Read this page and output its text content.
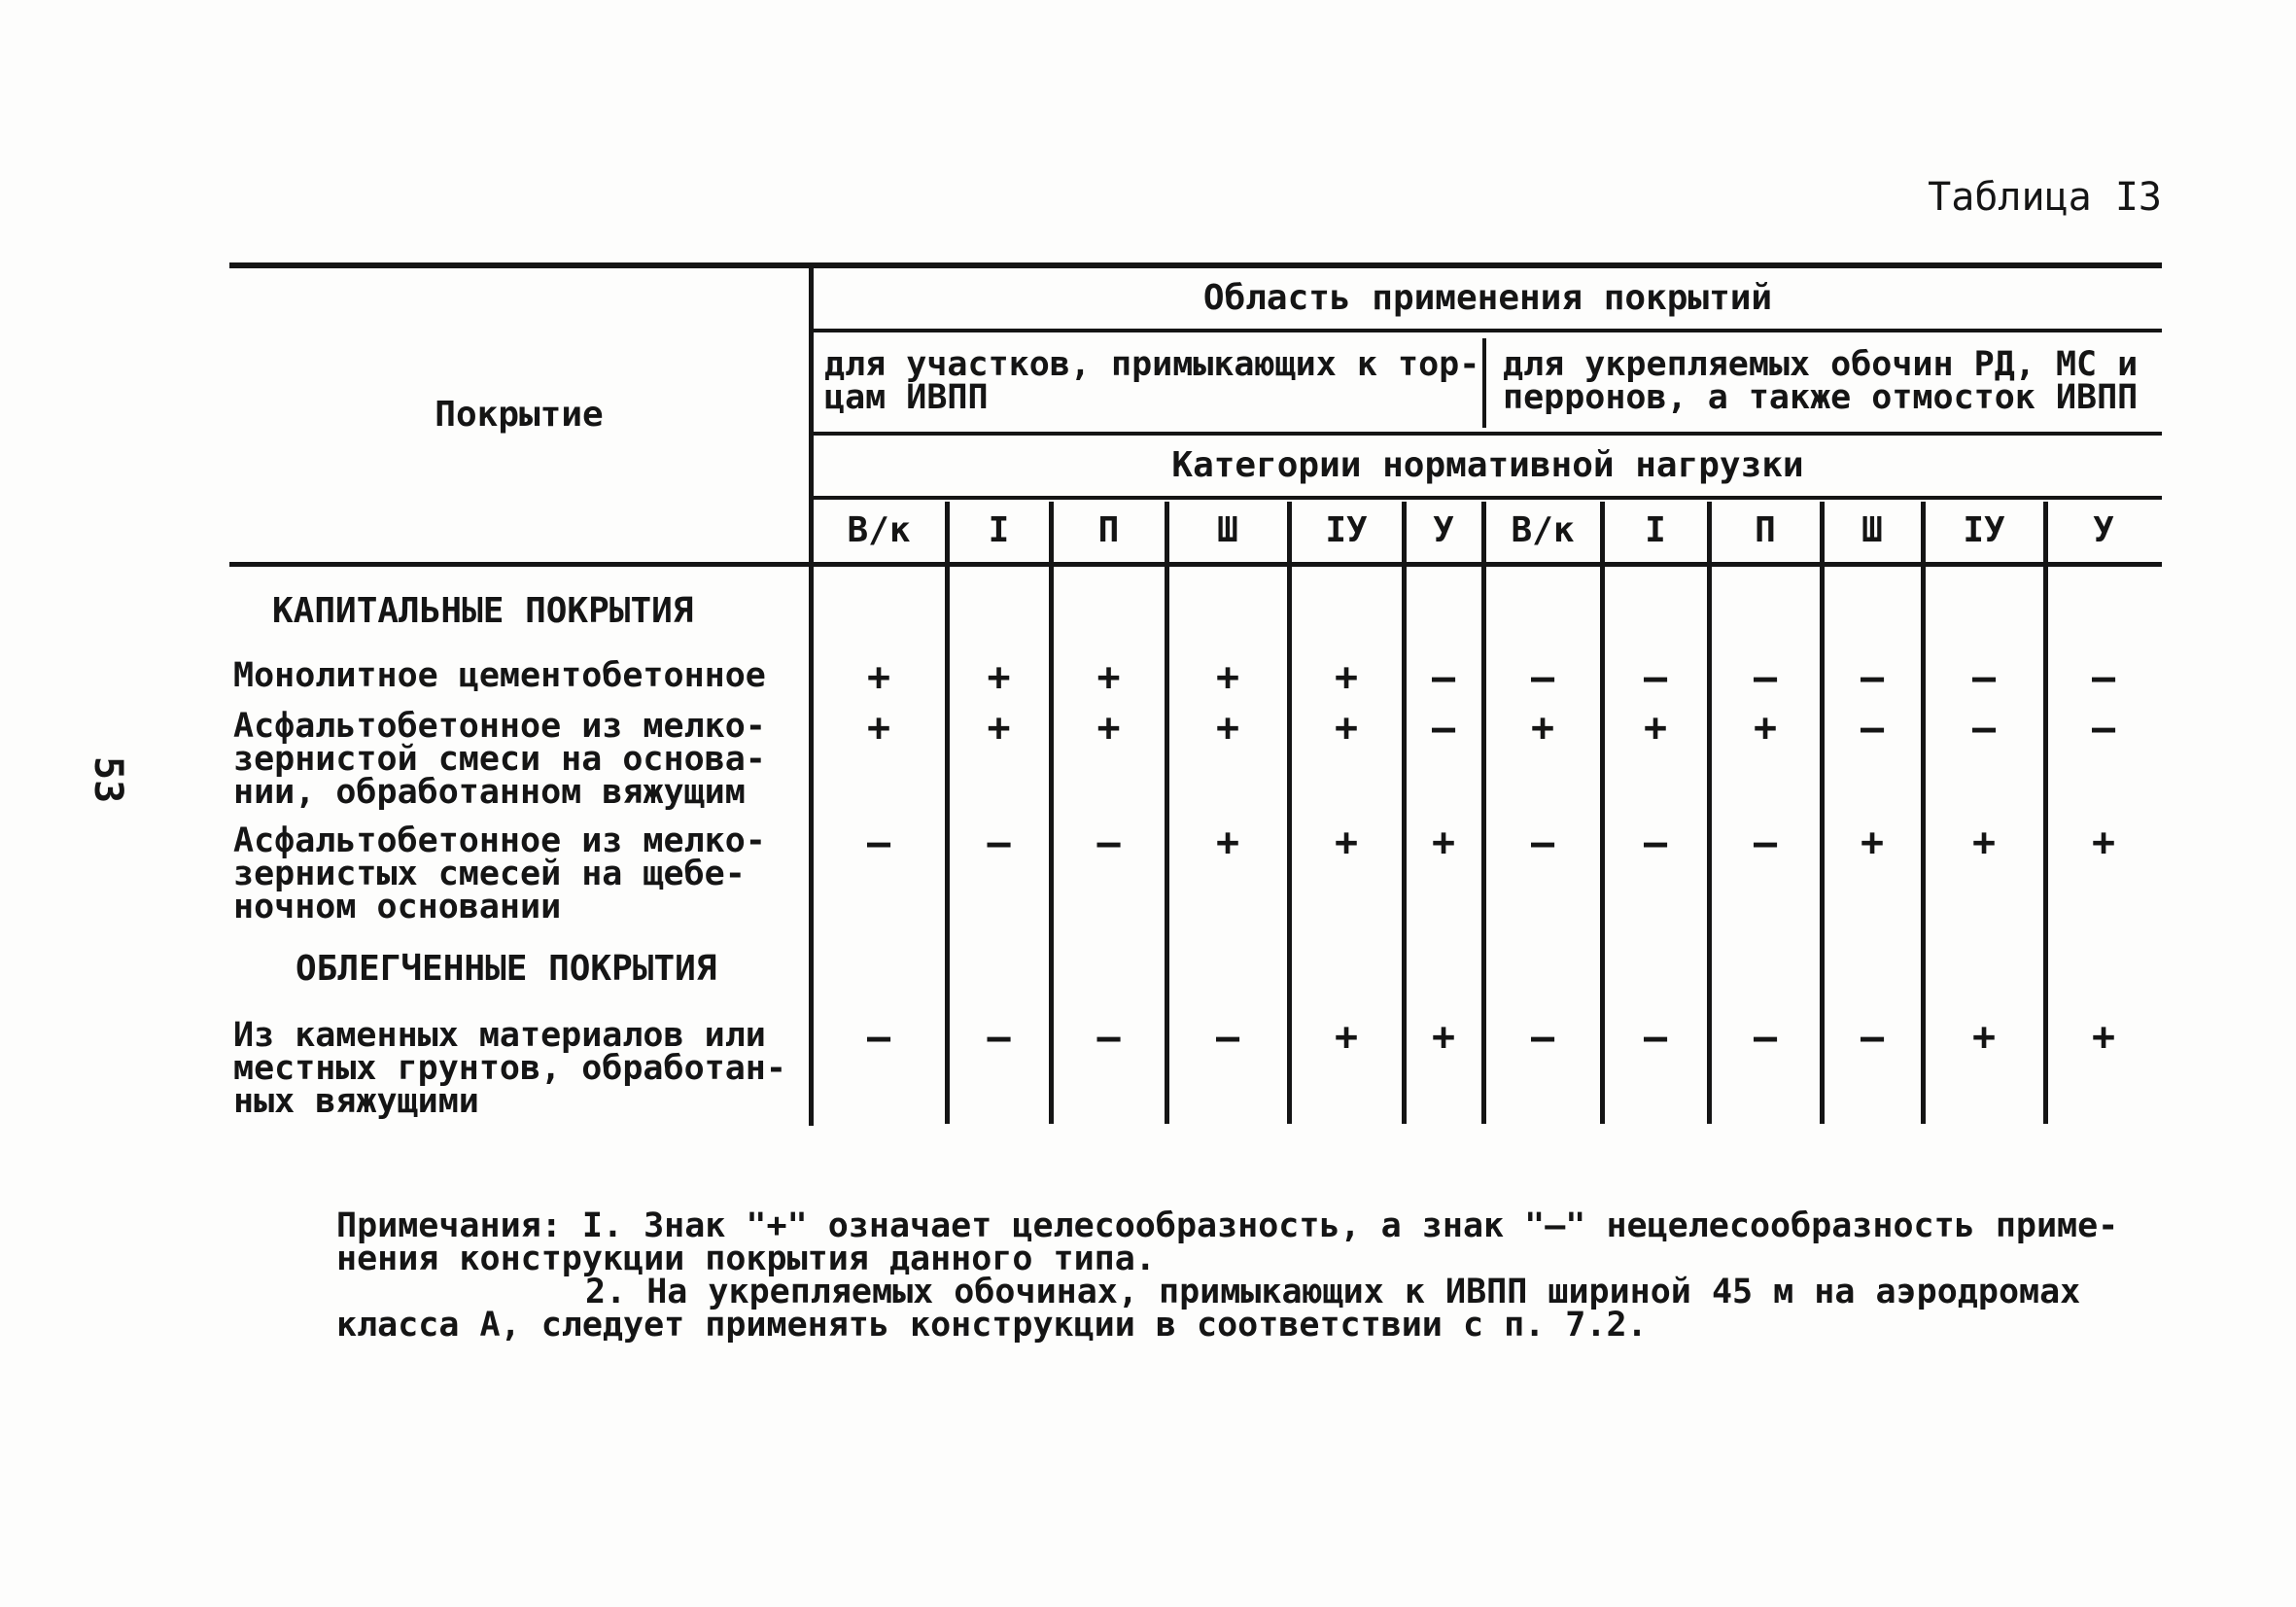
Таблица I3
53
Покрытие
Область применения покрытий
для участков, примыкающих к тор-
цам ИВПП
для укрепляемых обочин РД, МС и
перронов, а также отмосток ИВПП
Категории нормативной нагрузки
В/к	I	П	Ш	IУ	У	В/к	I	П	Ш	IУ	У
КАПИТАЛЬНЫЕ ПОКРЫТИЯ
Монолитное цементобетонное	+	+	+	+	+	–	–	–	–	–	–	–
Асфальтобетонное из мелко-
зернистой смеси на основа-
нии, обработанном вяжущим
+	+	+	+	+	–	+	+	+	–	–	–
Асфальтобетонное из мелко-
зернистых смесей на щебе-
ночном основании
–	–	–	+	+	+	–	–	–	+	+	+
ОБЛЕГЧЕННЫЕ ПОКРЫТИЯ
Из каменных материалов или
местных грунтов, обработан-
ных вяжущими
–	–	–	–	+	+	–	–	–	–	+	+
Примечания: I. Знак "+" означает целесообразность, а знак "–" нецелесообразность приме-
нения конструкции покрытия данного типа.
2. На укрепляемых обочинах, примыкающих к ИВПП шириной 45 м на аэродромах
класса А, следует применять конструкции в соответствии с п. 7.2.
